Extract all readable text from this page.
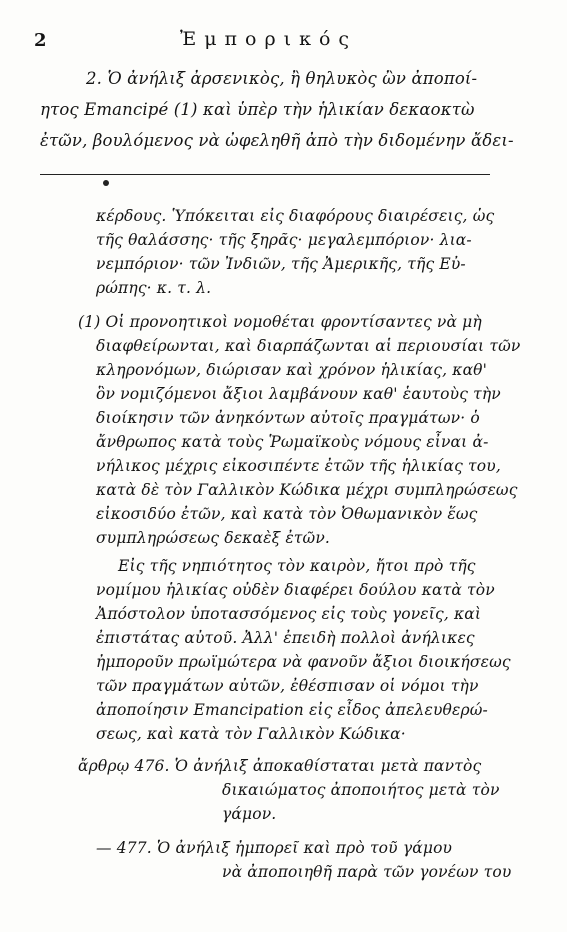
2	Ἐμπορικός
2. Ὁ ἀνήλιξ ἀρσενικὸς, ἢ θηλυκὸς ὢν ἀποποί-
ητος Emancipé (1) καὶ ὑπὲρ τὴν ἡλικίαν δεκαοκτὼ
ἐτῶν, βουλόμενος νὰ ὠφεληθῆ ἀπὸ τὴν διδομένην ἄδει-
κέρδους. Ὑπόκειται εἰς διαφόρους διαιρέσεις, ὡς
τῆς θαλάσσης· τῆς ξηρᾶς· μεγαλεμπόριον· λια-
νεμπόριον· τῶν Ἰνδιῶν, τῆς Ἀμερικῆς, τῆς Εὐ-
ρώπης· κ. τ. λ.
(1) Οἱ προνοητικοὶ νομοθέται φροντίσαντες νὰ μὴ
διαφθείρωνται, καὶ διαρπάζωνται αἱ περιουσίαι τῶν
κληρονόμων, διώρισαν καὶ χρόνον ἡλικίας, καθ'
ὃν νομιζόμενοι ἄξιοι λαμβάνουν καθ' ἑαυτοὺς τὴν
διοίκησιν τῶν ἀνηκόντων αὐτοῖς πραγμάτων· ὁ
ἄνθρωπος κατὰ τοὺς Ῥωμαϊκοὺς νόμους εἶναι ἀ-
νήλικος μέχρις εἰκοσιπέντε ἐτῶν τῆς ἡλικίας του,
κατὰ δὲ τὸν Γαλλικὸν Κώδικα μέχρι συμπληρώσεως
εἰκοσιδύο ἐτῶν, καὶ κατὰ τὸν Ὀθωμανικὸν ἕως
συμπληρώσεως δεκαὲξ ἐτῶν.
Εἰς τῆς νηπιότητος τὸν καιρὸν, ἤτοι πρὸ τῆς
νομίμου ἡλικίας οὐδὲν διαφέρει δούλου κατὰ τὸν
Ἀπόστολον ὑποτασσόμενος εἰς τοὺς γονεῖς, καὶ
ἐπιστάτας αὐτοῦ. Ἀλλ' ἐπειδὴ πολλοὶ ἀνήλικες
ἠμποροῦν πρωϊμώτερα νὰ φανοῦν ἄξιοι διοικήσεως
τῶν πραγμάτων αὐτῶν, ἐθέσπισαν οἱ νόμοι τὴν
ἀποποίησιν Emancipation εἰς εἶδος ἀπελευθερώ-
σεως, καὶ κατὰ τὸν Γαλλικὸν Κώδικα·
ἄρθρῳ 476. Ὁ ἀνήλιξ ἀποκαθίσταται μετὰ παντὸς
δικαιώματος ἀποποιήτος μετὰ τὸν
γάμον.
— 477. Ὁ ἀνήλιξ ἠμπορεῖ καὶ πρὸ τοῦ γάμου
νὰ ἀποποιηθῆ παρὰ τῶν γονέων του
